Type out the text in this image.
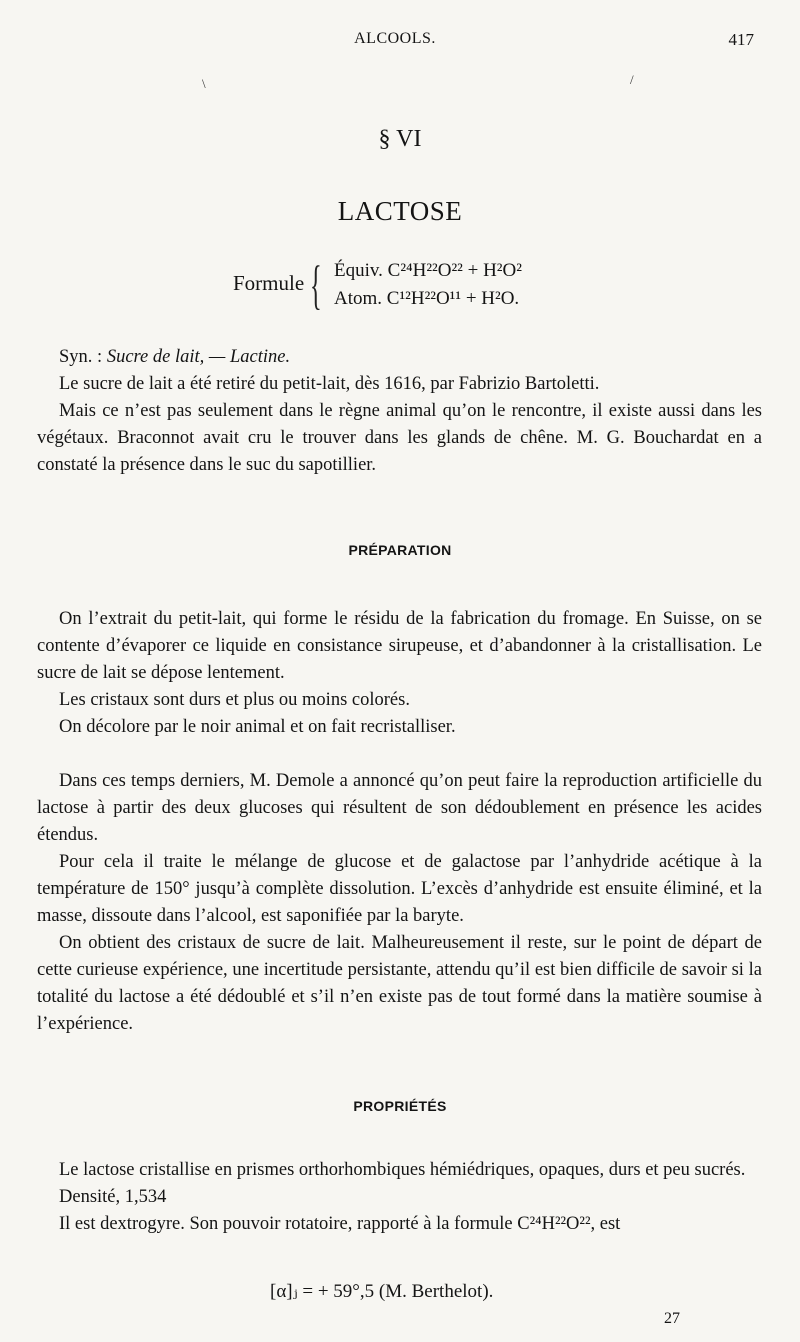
ALCOOLS.	417
\	/
§ VI
LACTOSE
Formule { Équiv. C²⁴H²²O²² + H²O²
Atom. C¹²H²²O¹¹ + H²O.

Syn. : Sucre de lait, — Lactine.

Le sucre de lait a été retiré du petit-lait, dès 1616, par Fabrizio Bartoletti.

Mais ce n’est pas seulement dans le règne animal qu’on le rencontre, il existe aussi dans les végétaux. Braconnot avait cru le trouver dans les glands de chêne. M. G. Bouchardat en a constaté la présence dans le suc du sapotillier.

PRÉPARATION

On l’extrait du petit-lait, qui forme le résidu de la fabrication du fromage. En Suisse, on se contente d’évaporer ce liquide en consistance sirupeuse, et d’abandonner à la cristallisation. Le sucre de lait se dépose lentement.

Les cristaux sont durs et plus ou moins colorés.

On décolore par le noir animal et on fait recristalliser.

Dans ces temps derniers, M. Demole a annoncé qu’on peut faire la reproduction artificielle du lactose à partir des deux glucoses qui résultent de son dédoublement en présence les acides étendus.

Pour cela il traite le mélange de glucose et de galactose par l’anhydride acétique à la température de 150° jusqu’à complète dissolution. L’excès d’anhydride est ensuite éliminé, et la masse, dissoute dans l’alcool, est saponifiée par la baryte.

On obtient des cristaux de sucre de lait. Malheureusement il reste, sur le point de départ de cette curieuse expérience, une incertitude persistante, attendu qu’il est bien difficile de savoir si la totalité du lactose a été dédoublé et s’il n’en existe pas de tout formé dans la matière soumise à l’expérience.

PROPRIÉTÉS

Le lactose cristallise en prismes orthorhombiques hémiédriques, opaques, durs et peu sucrés.

Densité, 1,534

Il est dextrogyre. Son pouvoir rotatoire, rapporté à la formule C²⁴H²²O²², est

[α]ⱼ = + 59°,5 (M. Berthelot).
27
